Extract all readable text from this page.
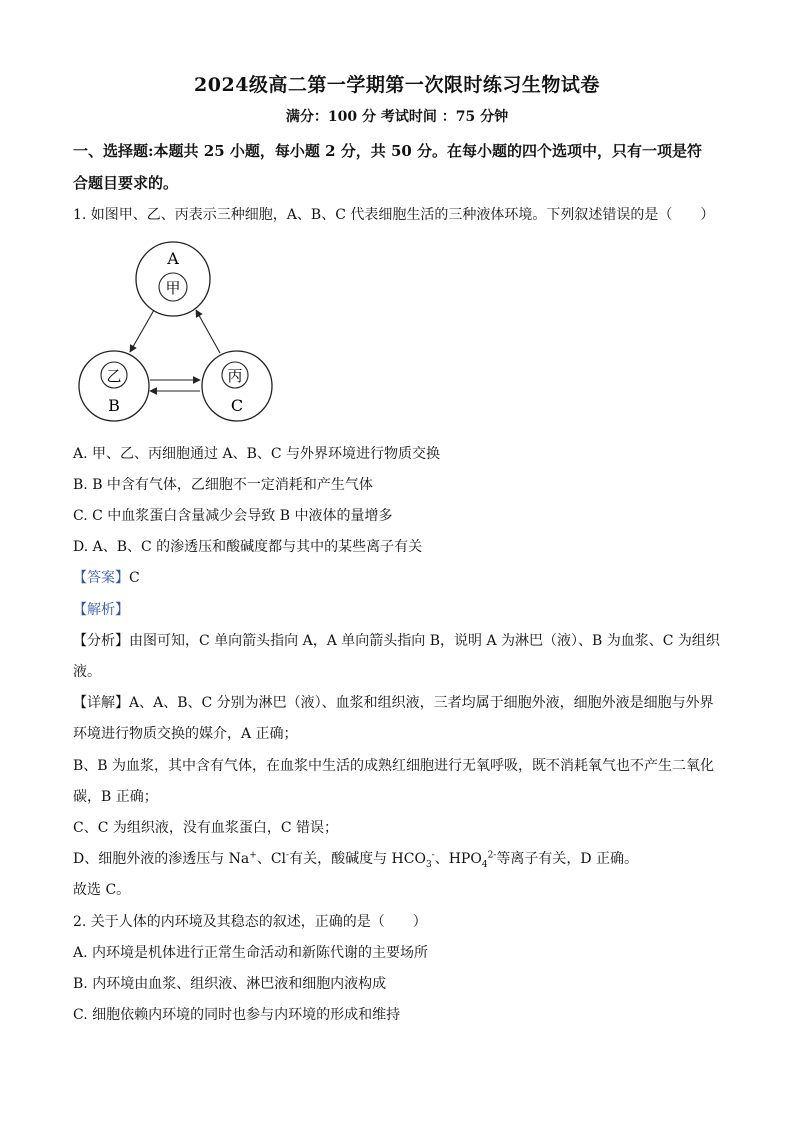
2024级高二第一学期第一次限时练习生物试卷
满分：100 分 考试时间 ：75 分钟
一、选择题:本题共 25 小题，每小题 2 分，共 50 分。在每小题的四个选项中，只有一项是符
合题目要求的。
1. 如图甲、乙、丙表示三种细胞，A、B、C 代表细胞生活的三种液体环境。下列叙述错误的是（　　）
A
甲
乙
B
丙
C
A. 甲、乙、丙细胞通过 A、B、C 与外界环境进行物质交换
B. B 中含有气体，乙细胞不一定消耗和产生气体
C. C 中血浆蛋白含量减少会导致 B 中液体的量增多
D. A、B、C 的渗透压和酸碱度都与其中的某些离子有关
【答案】C
【解析】
【分析】由图可知，C 单向箭头指向 A，A 单向箭头指向 B，说明 A 为淋巴（液）、B 为血浆、C 为组织
液。
【详解】A、A、B、C 分别为淋巴（液）、血浆和组织液，三者均属于细胞外液，细胞外液是细胞与外界
环境进行物质交换的媒介，A 正确；
B、B 为血浆，其中含有气体，在血浆中生活的成熟红细胞进行无氧呼吸，既不消耗氧气也不产生二氧化
碳，B 正确；
C、C 为组织液，没有血浆蛋白，C 错误；
D、细胞外液的渗透压与 Na+、Cl-有关，酸碱度与 $HCO_3^-$、$HPO_4^{2-}$等离子有关，D 正确。
故选 C。
2. 关于人体的内环境及其稳态的叙述，正确的是（　　）
A. 内环境是机体进行正常生命活动和新陈代谢的主要场所
B. 内环境由血浆、组织液、淋巴液和细胞内液构成
C. 细胞依赖内环境的同时也参与内环境的形成和维持
